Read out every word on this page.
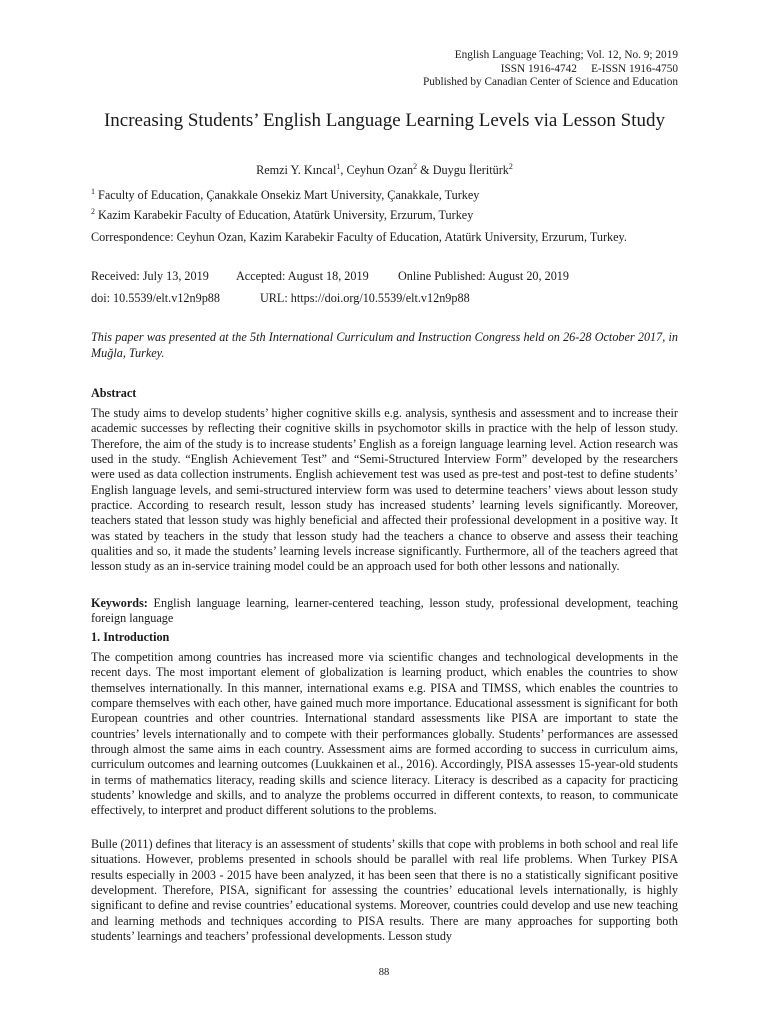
English Language Teaching; Vol. 12, No. 9; 2019
ISSN 1916-4742     E-ISSN 1916-4750
Published by Canadian Center of Science and Education
Increasing Students’ English Language Learning Levels via Lesson Study
Remzi Y. Kıncal$^1$, Ceyhun Ozan$^2$ & Duygu İleritürk$^2$
$^1$ Faculty of Education, Çanakkale Onsekiz Mart University, Çanakkale, Turkey
$^2$ Kazim Karabekir Faculty of Education, Atatürk University, Erzurum, Turkey
Correspondence: Ceyhun Ozan, Kazim Karabekir Faculty of Education, Atatürk University, Erzurum, Turkey.
Received: July 13, 2019 Accepted: August 18, 2019 Online Published: August 20, 2019
doi: 10.5539/elt.v12n9p88	URL: https://doi.org/10.5539/elt.v12n9p88
This paper was presented at the 5th International Curriculum and Instruction Congress held on 26-28 October 2017, in Muğla, Turkey.
Abstract

The study aims to develop students’ higher cognitive skills e.g. analysis, synthesis and assessment and to increase their academic successes by reflecting their cognitive skills in psychomotor skills in practice with the help of lesson study. Therefore, the aim of the study is to increase students’ English as a foreign language learning level. Action research was used in the study. “English Achievement Test” and “Semi-Structured Interview Form” developed by the researchers were used as data collection instruments. English achievement test was used as pre-test and post-test to define students’ English language levels, and semi-structured interview form was used to determine teachers’ views about lesson study practice. According to research result, lesson study has increased students’ learning levels significantly. Moreover, teachers stated that lesson study was highly beneficial and affected their professional development in a positive way. It was stated by teachers in the study that lesson study had the teachers a chance to observe and assess their teaching qualities and so, it made the students’ learning levels increase significantly. Furthermore, all of the teachers agreed that lesson study as an in-service training model could be an approach used for both other lessons and nationally.

Keywords: English language learning, learner-centered teaching, lesson study, professional development, teaching foreign language
1. Introduction

The competition among countries has increased more via scientific changes and technological developments in the recent days. The most important element of globalization is learning product, which enables the countries to show themselves internationally. In this manner, international exams e.g. PISA and TIMSS, which enables the countries to compare themselves with each other, have gained much more importance. Educational assessment is significant for both European countries and other countries. International standard assessments like PISA are important to state the countries’ levels internationally and to compete with their performances globally. Students’ performances are assessed through almost the same aims in each country. Assessment aims are formed according to success in curriculum aims, curriculum outcomes and learning outcomes (Luukkainen et al., 2016). Accordingly, PISA assesses 15-year-old students in terms of mathematics literacy, reading skills and science literacy. Literacy is described as a capacity for practicing students’ knowledge and skills, and to analyze the problems occurred in different contexts, to reason, to communicate effectively, to interpret and product different solutions to the problems.

Bulle (2011) defines that literacy is an assessment of students’ skills that cope with problems in both school and real life situations. However, problems presented in schools should be parallel with real life problems. When Turkey PISA results especially in 2003 - 2015 have been analyzed, it has been seen that there is no a statistically significant positive development. Therefore, PISA, significant for assessing the countries’ educational levels internationally, is highly significant to define and revise countries’ educational systems. Moreover, countries could develop and use new teaching and learning methods and techniques according to PISA results. There are many approaches for supporting both students’ learnings and teachers’ professional developments. Lesson study

88
